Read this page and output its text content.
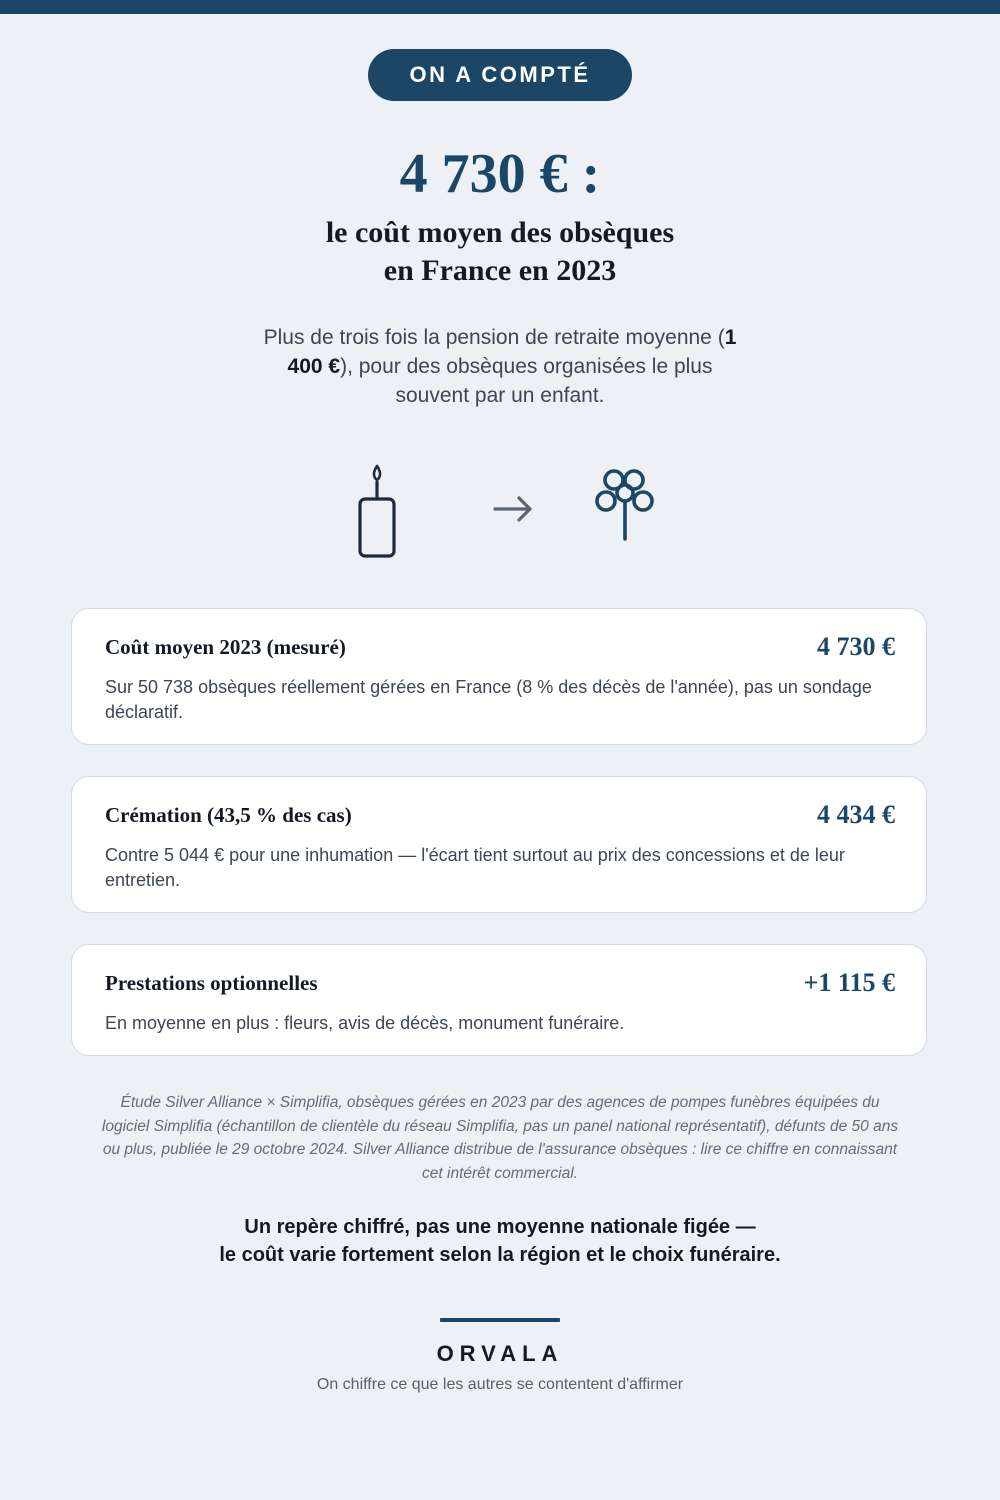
ON A COMPTÉ
4 730 € :
le coût moyen des obsèques
en France en 2023
Plus de trois fois la pension de retraite moyenne (1 400 €), pour des obsèques organisées le plus souvent par un enfant.
Coût moyen 2023 (mesuré)	4 730 €
Sur 50 738 obsèques réellement gérées en France (8 % des décès de l'année), pas un sondage déclaratif.
Crémation (43,5 % des cas)	4 434 €
Contre 5 044 € pour une inhumation — l'écart tient surtout au prix des concessions et de leur entretien.
Prestations optionnelles	+1 115 €
En moyenne en plus : fleurs, avis de décès, monument funéraire.
Étude Silver Alliance × Simplifia, obsèques gérées en 2023 par des agences de pompes funèbres équipées du logiciel Simplifia (échantillon de clientèle du réseau Simplifia, pas un panel national représentatif), défunts de 50 ans ou plus, publiée le 29 octobre 2024. Silver Alliance distribue de l'assurance obsèques : lire ce chiffre en connaissant cet intérêt commercial.
Un repère chiffré, pas une moyenne nationale figée —
le coût varie fortement selon la région et le choix funéraire.
ORVALA
On chiffre ce que les autres se contentent d'affirmer
